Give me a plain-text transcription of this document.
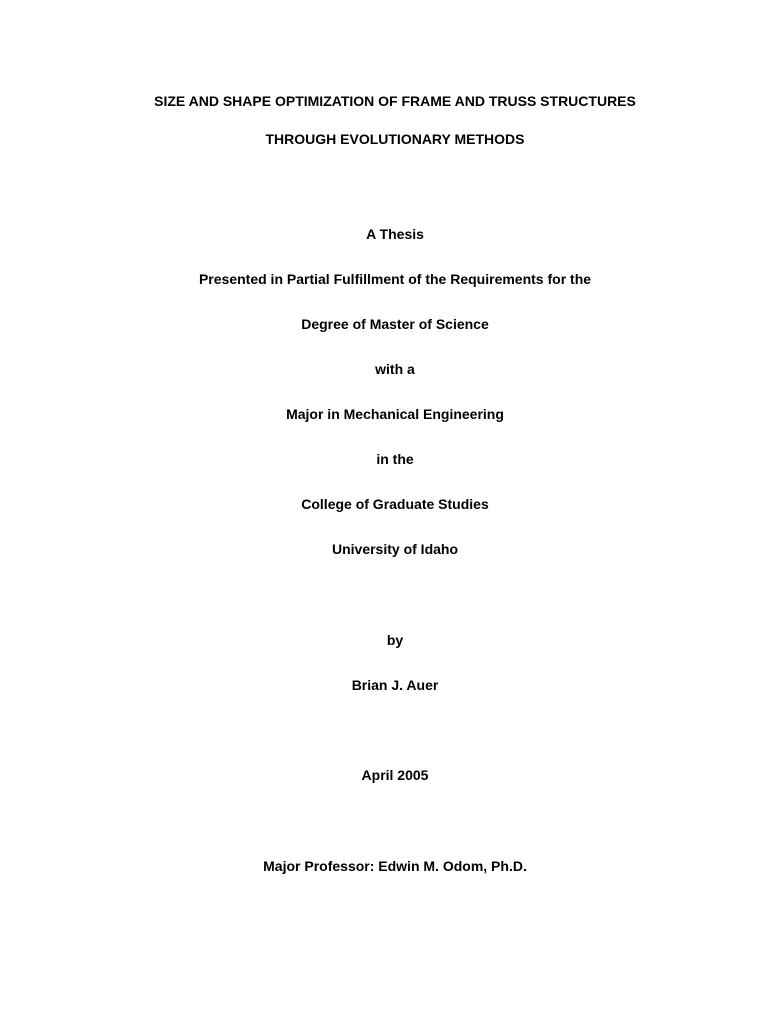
SIZE AND SHAPE OPTIMIZATION OF FRAME AND TRUSS STRUCTURES
THROUGH EVOLUTIONARY METHODS
A Thesis
Presented in Partial Fulfillment of the Requirements for the
Degree of Master of Science
with a
Major in Mechanical Engineering
in the
College of Graduate Studies
University of Idaho
by
Brian J. Auer
April 2005
Major Professor: Edwin M. Odom, Ph.D.
